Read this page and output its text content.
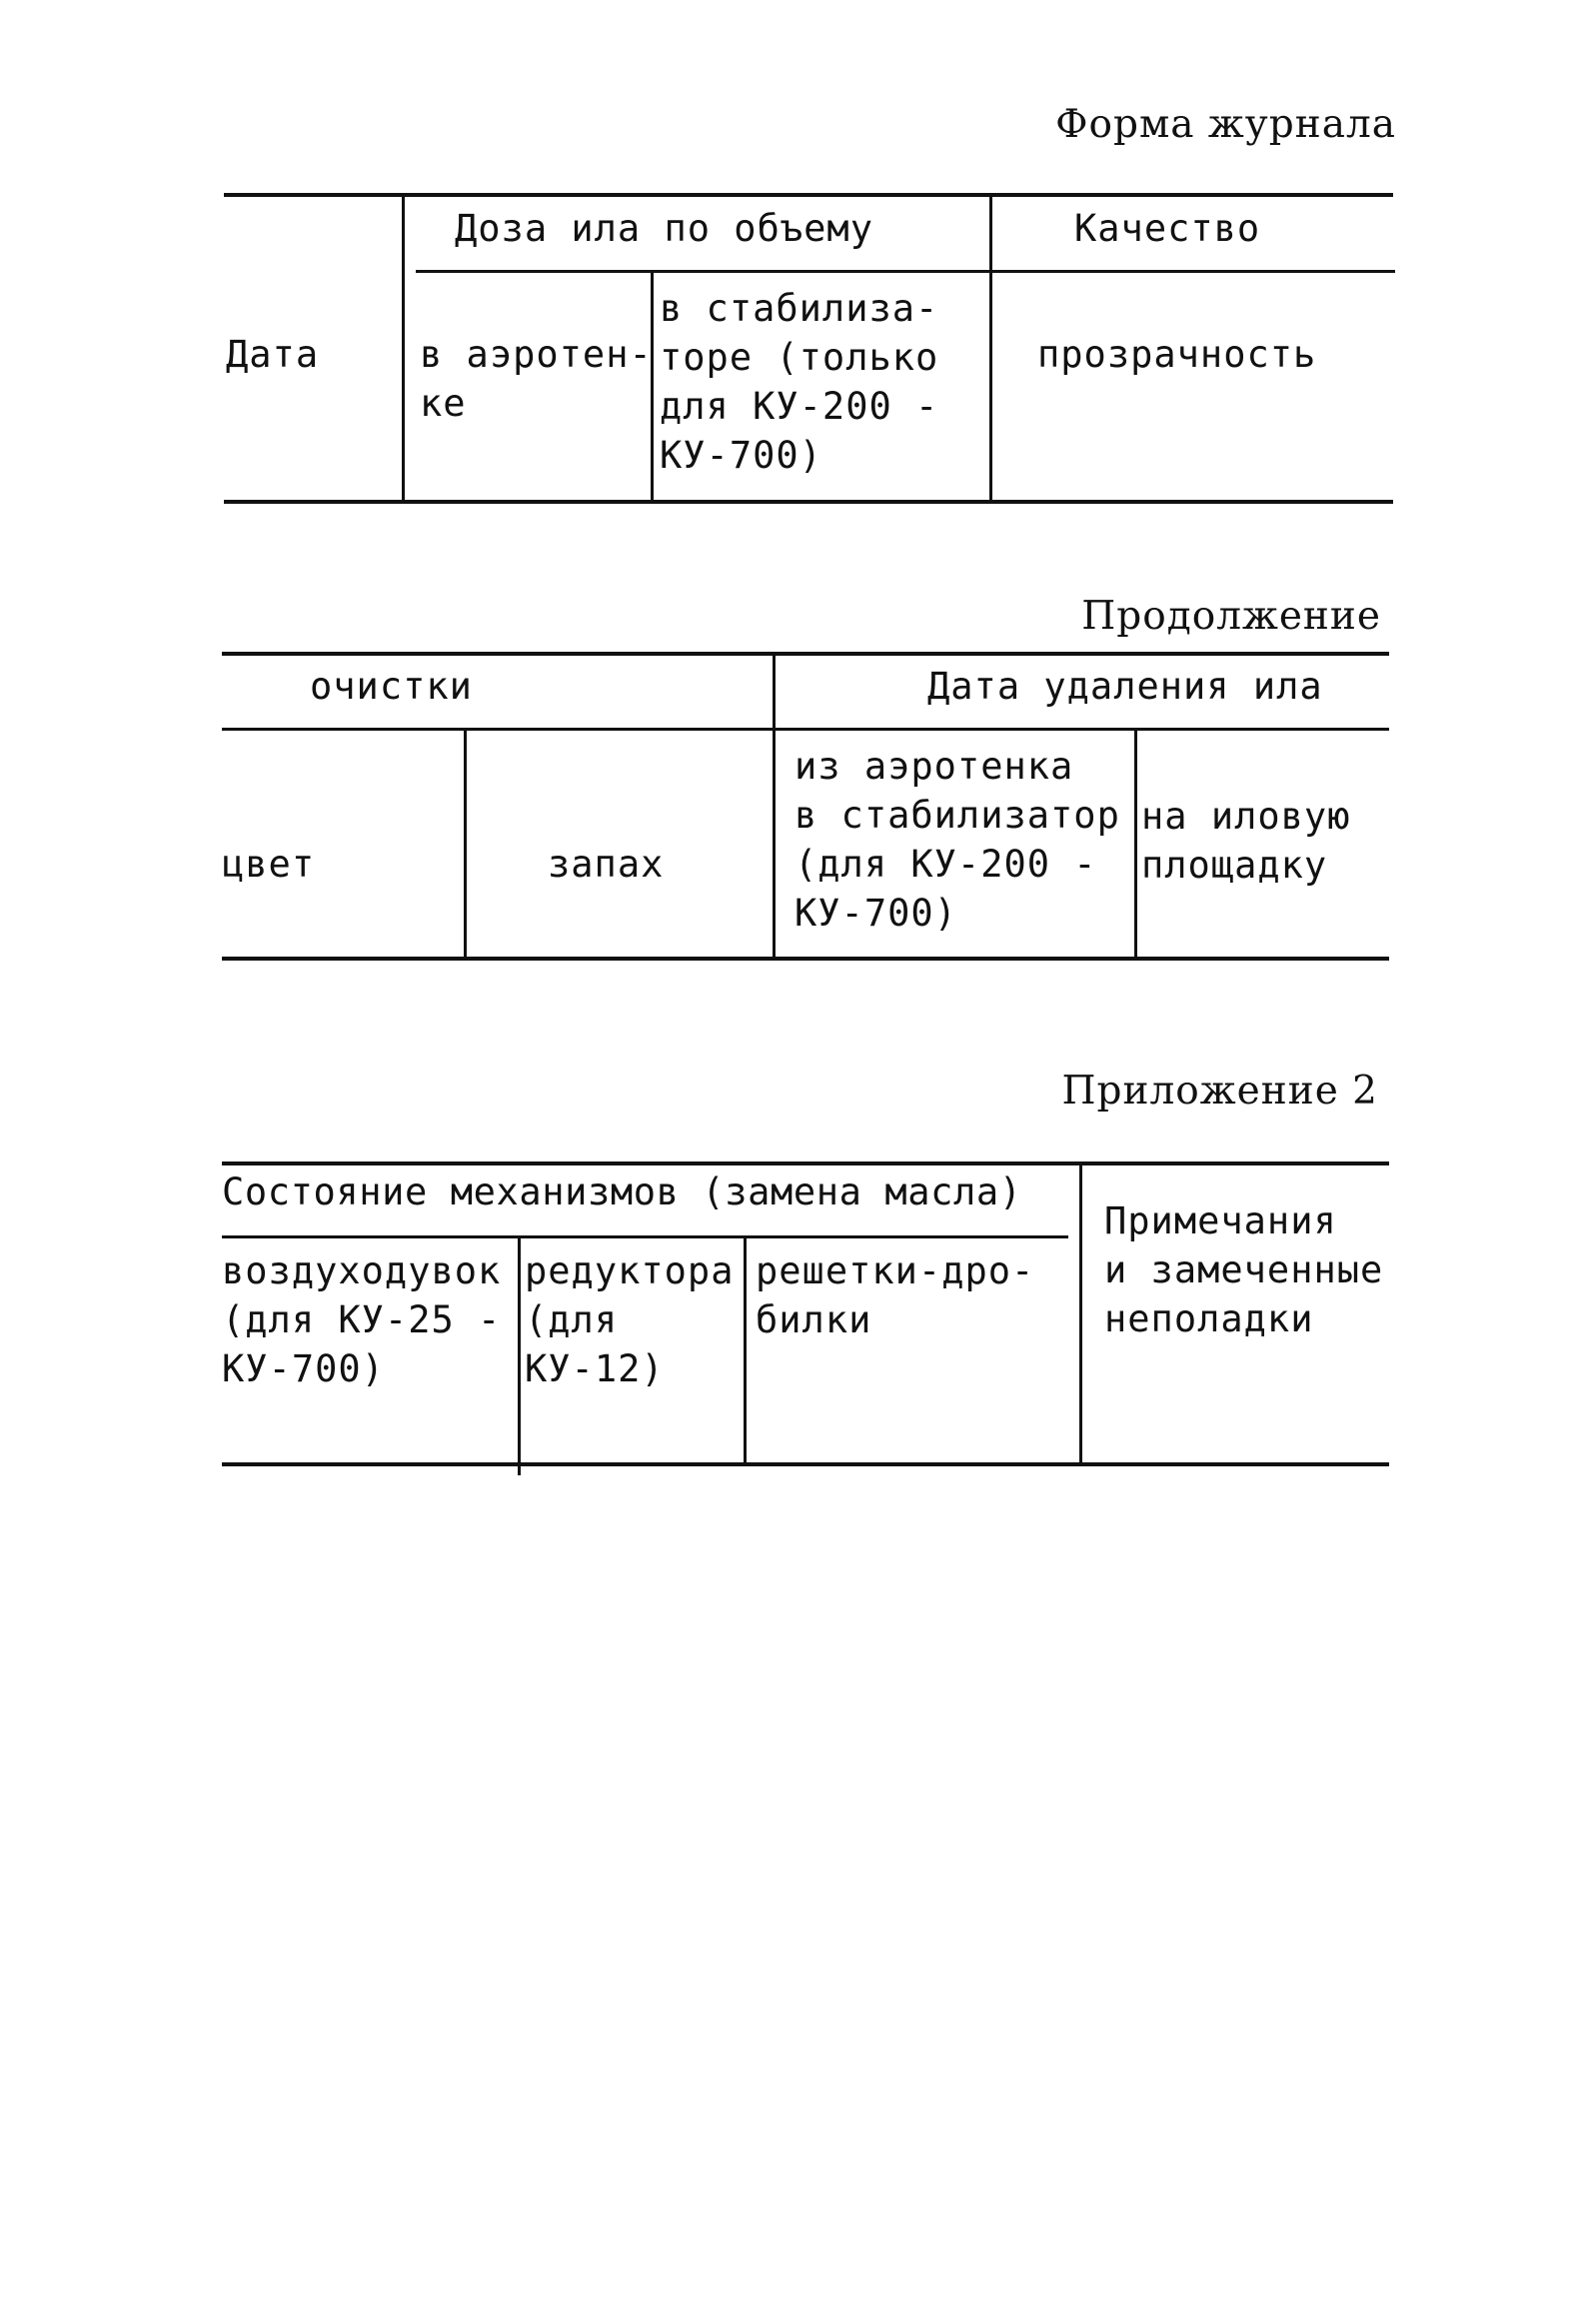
Форма журнала
Дата
Доза ила по объему
в аэротен-
ке
в стабилиза-
торе (только
для КУ-200 -
КУ-700)
Качество
прозрачность
Продолжение
очистки
цвет	запах
Дата удаления ила
из аэротенка
в стабилизатор
(для КУ-200 -
КУ-700)
на иловую
площадку
Приложение 2
Состояние механизмов (замена масла)
воздуходувок
(для КУ-25 -
КУ-700)
редуктора
(для
КУ-12)
решетки-дро-
билки
Примечания
и замеченные
неполадки
